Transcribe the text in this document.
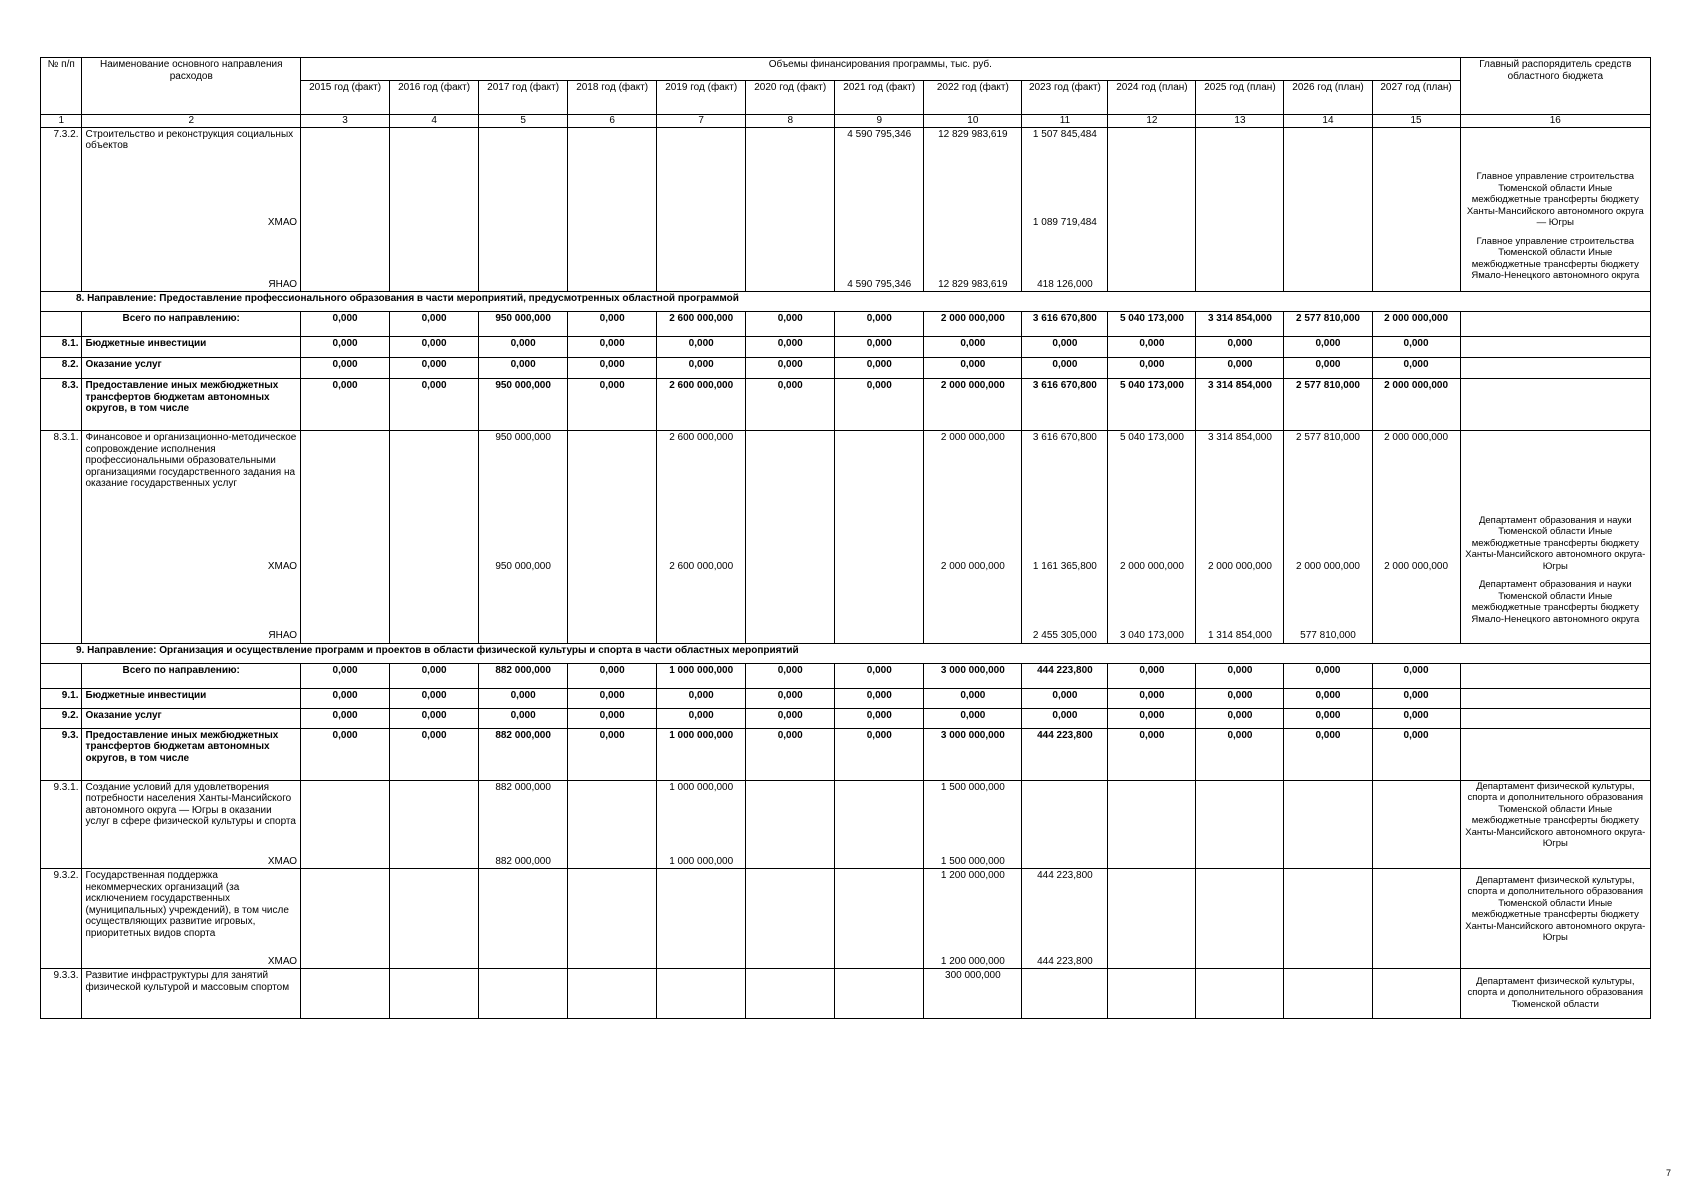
№ п/п	Наименование основного направления расходов	Объемы финансирования программы, тыс. руб.													Главный распорядитель средств областного бюджета
		2015 год (факт)	2016 год (факт)	2017 год (факт)	2018 год (факт)	2019 год (факт)	2020 год (факт)	2021 год (факт)	2022 год (факт)	2023 год (факт)	2024 год (план)	2025 год (план)	2026 год (план)	2027 год (план)	
1	2	3	4	5	6	7	8	9	10	11	12	13	14	15	16
7.3.2.	Строительство и реконструкция социальных объектов							4 590 795,346	12 829 983,619	1 507 845,484					
	ХМАО									1 089 719,484					Главное управление строительства Тюменской области Иные межбюджетные трансферты бюджету Ханты-Мансийского автономного округа — Югры
	ЯНАО							4 590 795,346	12 829 983,619	418 126,000					Главное управление строительства Тюменской области Иные межбюджетные трансферты бюджету Ямало-Ненецкого автономного округа
8. Направление: Предоставление профессионального образования в части мероприятий, предусмотренных областной программой															
	Всего по направлению:	0,000	0,000	950 000,000	0,000	2 600 000,000	0,000	0,000	2 000 000,000	3 616 670,800	5 040 173,000	3 314 854,000	2 577 810,000	2 000 000,000	
8.1.	Бюджетные инвестиции	0,000	0,000	0,000	0,000	0,000	0,000	0,000	0,000	0,000	0,000	0,000	0,000	0,000	
8.2.	Оказание услуг	0,000	0,000	0,000	0,000	0,000	0,000	0,000	0,000	0,000	0,000	0,000	0,000	0,000	
8.3.	Предоставление иных межбюджетных трансфертов бюджетам автономных округов, в том числе	0,000	0,000	950 000,000	0,000	2 600 000,000	0,000	0,000	2 000 000,000	3 616 670,800	5 040 173,000	3 314 854,000	2 577 810,000	2 000 000,000	
8.3.1.	Финансовое и организационно-методическое сопровождение исполнения профессиональными образовательными организациями государственного задания на оказание государственных услуг			950 000,000		2 600 000,000			2 000 000,000	3 616 670,800	5 040 173,000	3 314 854,000	2 577 810,000	2 000 000,000	
	ХМАО			950 000,000		2 600 000,000			2 000 000,000	1 161 365,800	2 000 000,000	2 000 000,000	2 000 000,000	2 000 000,000	Департамент образования и науки Тюменской области Иные межбюджетные трансферты бюджету Ханты-Мансийского автономного округа-Югры
	ЯНАО									2 455 305,000	3 040 173,000	1 314 854,000	577 810,000		Департамент образования и науки Тюменской области Иные межбюджетные трансферты бюджету Ямало-Ненецкого автономного округа
9. Направление: Организация и осуществление программ и проектов в области физической культуры и спорта в части областных мероприятий															
	Всего по направлению:	0,000	0,000	882 000,000	0,000	1 000 000,000	0,000	0,000	3 000 000,000	444 223,800	0,000	0,000	0,000	0,000	
9.1.	Бюджетные инвестиции	0,000	0,000	0,000	0,000	0,000	0,000	0,000	0,000	0,000	0,000	0,000	0,000	0,000	
9.2.	Оказание услуг	0,000	0,000	0,000	0,000	0,000	0,000	0,000	0,000	0,000	0,000	0,000	0,000	0,000	
9.3.	Предоставление иных межбюджетных трансфертов бюджетам автономных округов, в том числе	0,000	0,000	882 000,000	0,000	1 000 000,000	0,000	0,000	3 000 000,000	444 223,800	0,000	0,000	0,000	0,000	
9.3.1.	Создание условий для удовлетворения потребности населения Ханты-Мансийского автономного округа — Югры в оказании услуг в сфере физической культуры и спорта			882 000,000		1 000 000,000			1 500 000,000						Департамент физической культуры, спорта и дополнительного образования Тюменской области Иные межбюджетные трансферты бюджету Ханты-Мансийского автономного округа-Югры
	ХМАО			882 000,000		1 000 000,000			1 500 000,000						
9.3.2.	Государственная поддержка некоммерческих организаций (за исключением государственных (муниципальных) учреждений), в том числе осуществляющих развитие игровых, приоритетных видов спорта								1 200 000,000	444 223,800					Департамент физической культуры, спорта и дополнительного образования Тюменской области Иные межбюджетные трансферты бюджету Ханты-Мансийского автономного округа-Югры
	ХМАО								1 200 000,000	444 223,800					
9.3.3.	Развитие инфраструктуры для занятий физической культурой и массовым спортом								300 000,000						Департамент физической культуры, спорта и дополнительного образования Тюменской области
7
